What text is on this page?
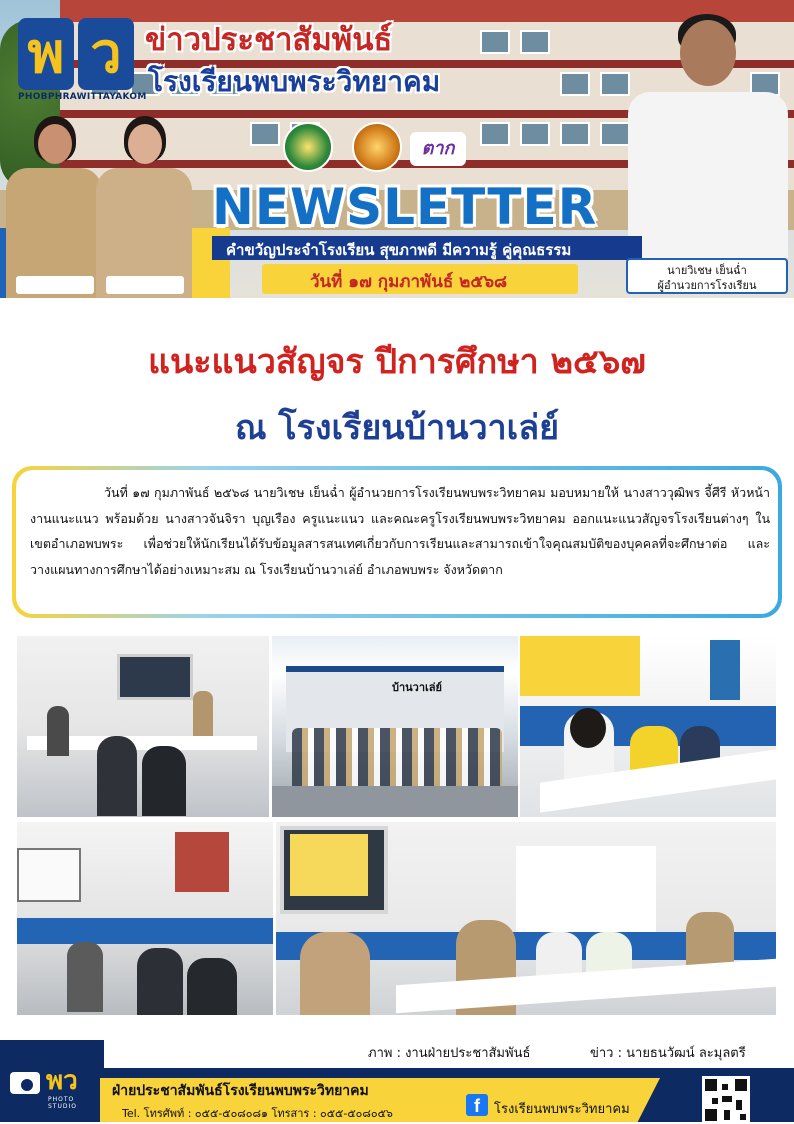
พ ว
PHOBPHRAWITTAYAKOM
ข่าวประชาสัมพันธ์
โรงเรียนพบพระวิทยาคม
ตาก
NEWSLETTER
คำขวัญประจำโรงเรียน สุขภาพดี มีความรู้ คู่คุณธรรม
วันที่ ๑๗ กุมภาพันธ์ ๒๕๖๘
นายวิเชษ เย็นฉ่ำ
ผู้อำนวยการโรงเรียน
แนะแนวสัญจร ปีการศึกษา ๒๕๖๗
ณ โรงเรียนบ้านวาเล่ย์
วันที่ ๑๗ กุมภาพันธ์ ๒๕๖๘ นายวิเชษ เย็นฉ่ำ ผู้อำนวยการโรงเรียนพบพระวิทยาคม มอบหมายให้ นางสาววุฒิพร จี้ศีรี หัวหน้างานแนะแนว พร้อมด้วย นางสาวจันจิรา บุญเรือง ครูแนะแนว และคณะครูโรงเรียนพบพระวิทยาคม ออกแนะแนวสัญจรโรงเรียนต่างๆ ในเขตอำเภอพบพระ เพื่อช่วยให้นักเรียนได้รับข้อมูลสารสนเทศเกี่ยวกับการเรียนและสามารถเข้าใจคุณสมบัติของบุคคลที่จะศึกษาต่อ และวางแผนทางการศึกษาได้อย่างเหมาะสม ณ โรงเรียนบ้านวาเล่ย์ อำเภอพบพระ จังหวัดตาก
บ้านวาเล่ย์
ภาพ : งานฝ่ายประชาสัมพันธ์	ข่าว : นายธนวัฒน์ ละมุลตรี
พว
PHOTO STUDIO
ฝ่ายประชาสัมพันธ์โรงเรียนพบพระวิทยาคม
Tel. โทรศัพท์ : ๐๕๕-๕๐๘๐๘๑ โทรสาร : ๐๕๕-๕๐๘๐๕๖	f	โรงเรียนพบพระวิทยาคม
